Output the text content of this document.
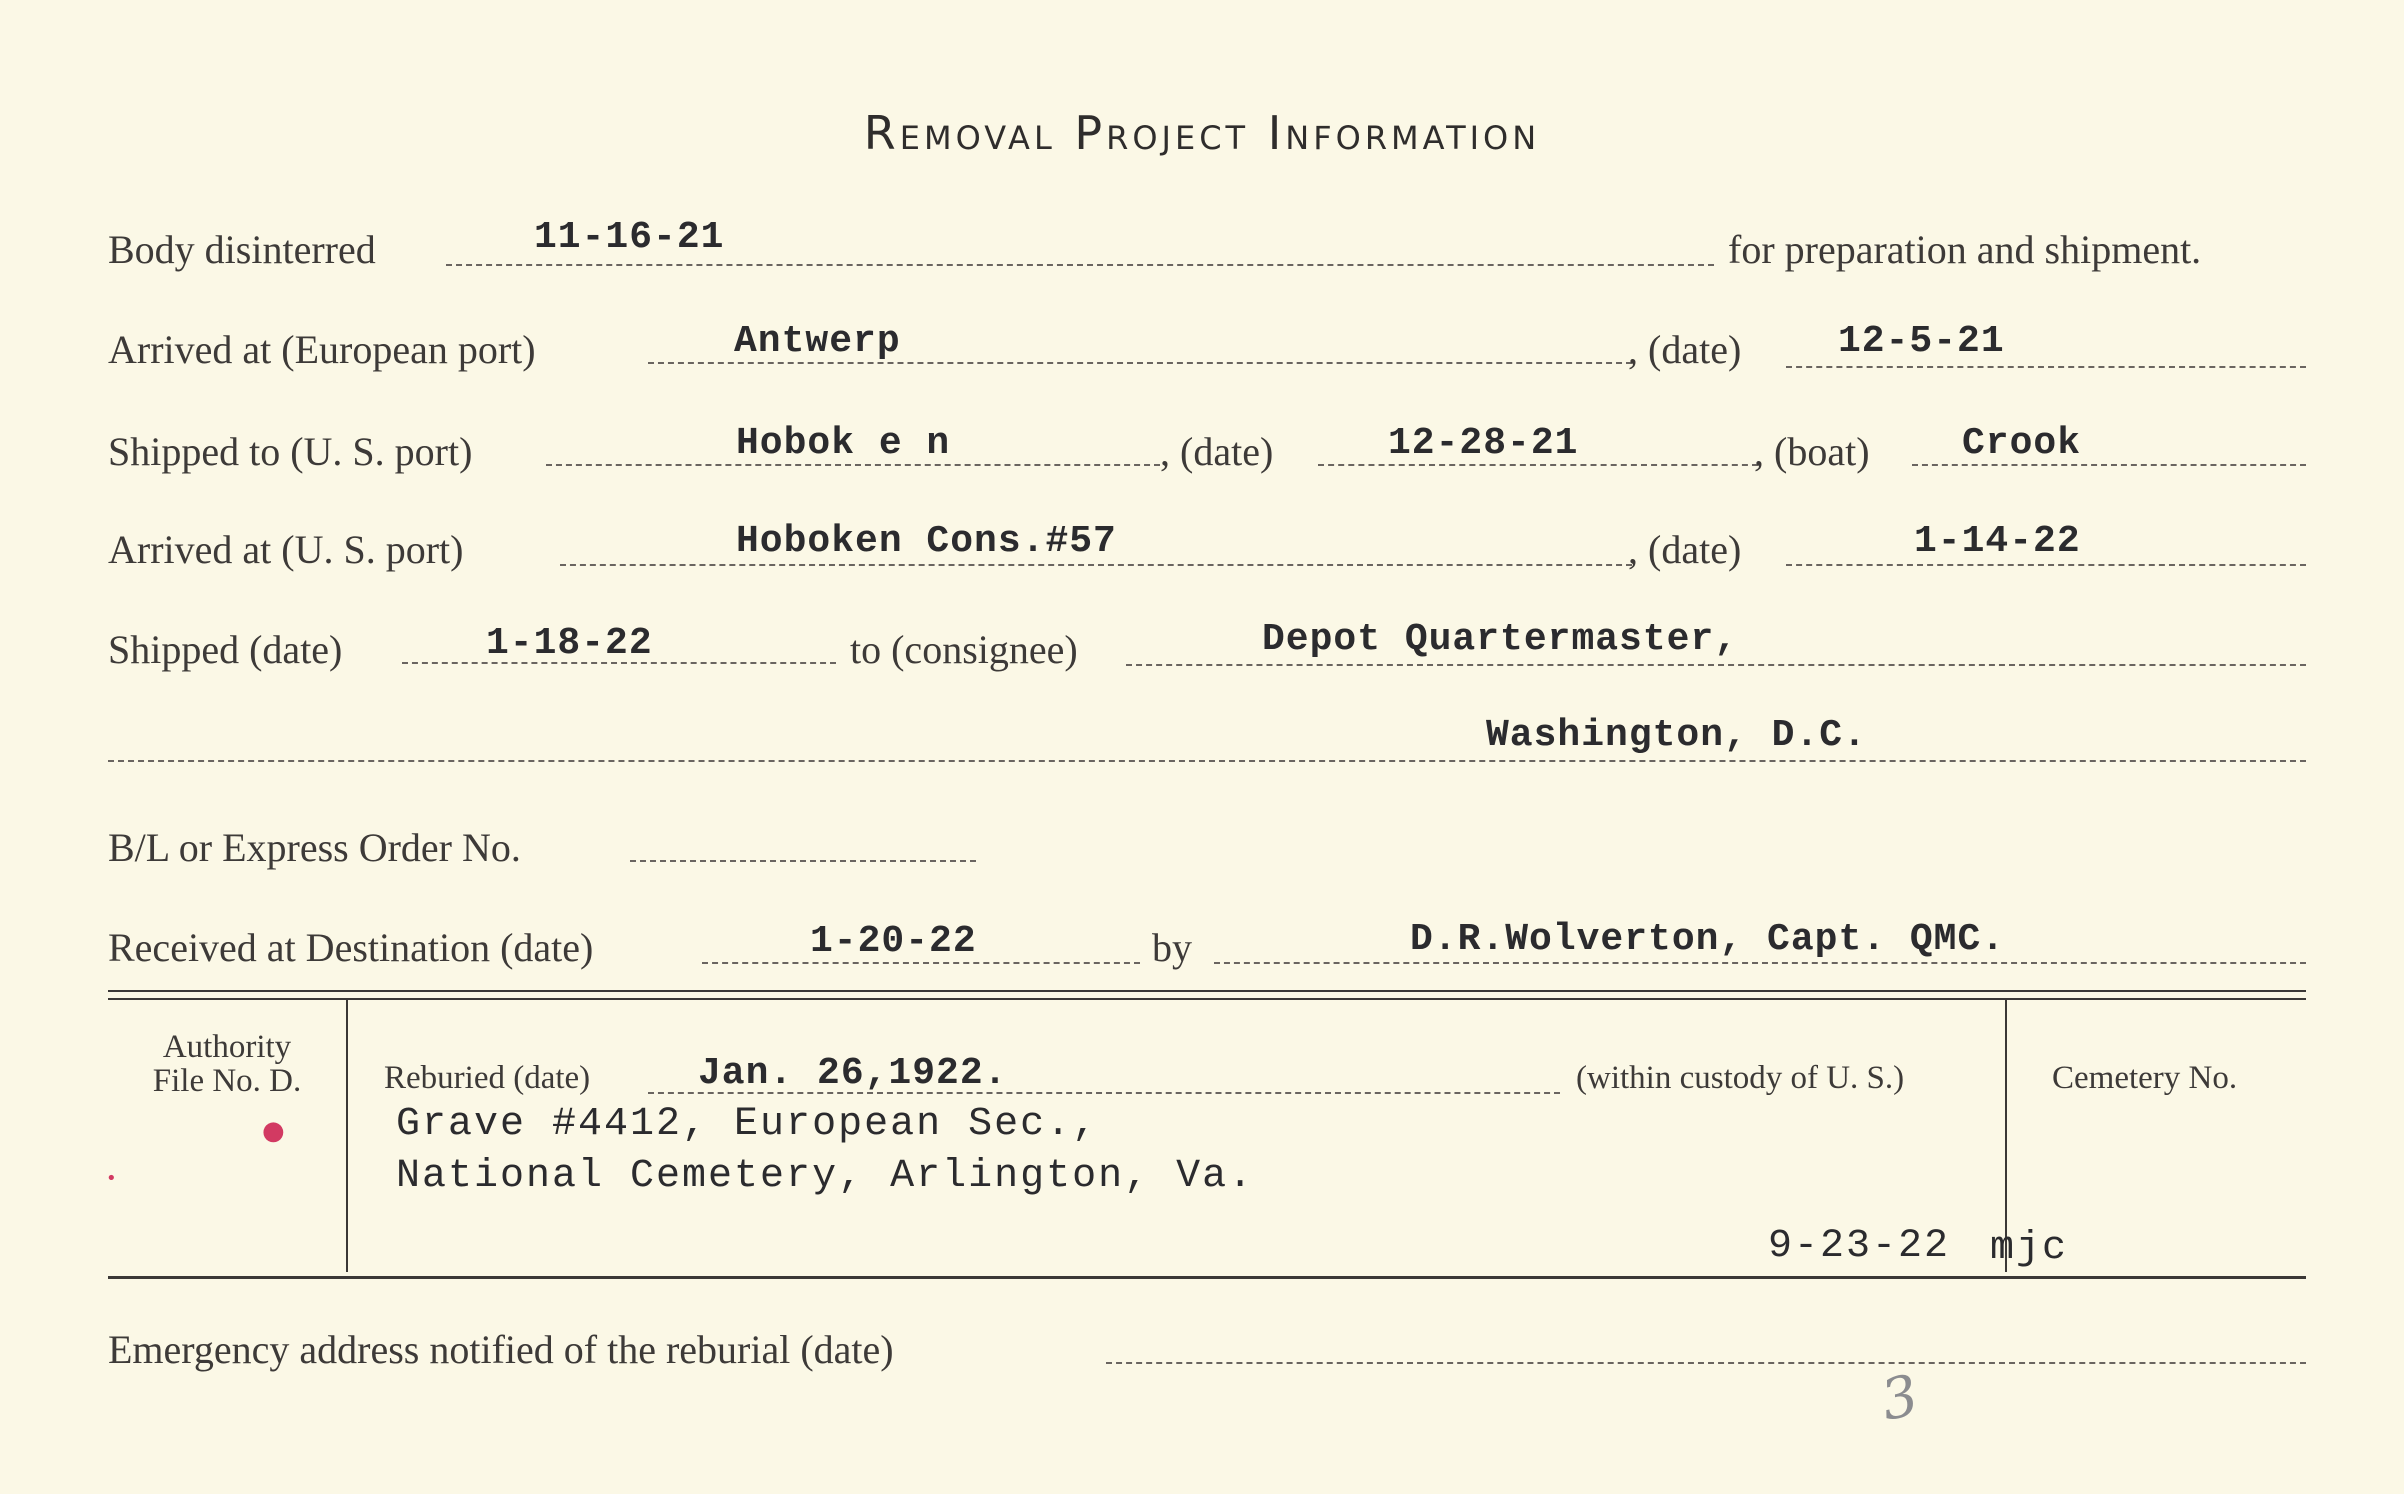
Removal Project Information
Body disinterred	11-16-21	for preparation and shipment.
Arrived at (European port)	Antwerp	, (date)	12-5-21
Shipped to (U. S. port)	Hobok e n	, (date)	12-28-21	, (boat) Crook
Arrived at (U. S. port)	Hoboken Cons.#57	, (date)	1-14-22
Shipped (date)	1-18-22	to (consignee)	Depot Quartermaster,
Washington, D.C.
B/L or Express Order No.
Received at Destination (date)	1-20-22	by	D.R.Wolverton, Capt. QMC.
Authority
File No. D.
●
•
Reburied (date)	Jan. 26,1922.	(within custody of U. S.)	Cemetery No.
Grave #4412, European Sec.,
National Cemetery, Arlington, Va.
9-23-22 mjc
Emergency address notified of the reburial (date)
3
